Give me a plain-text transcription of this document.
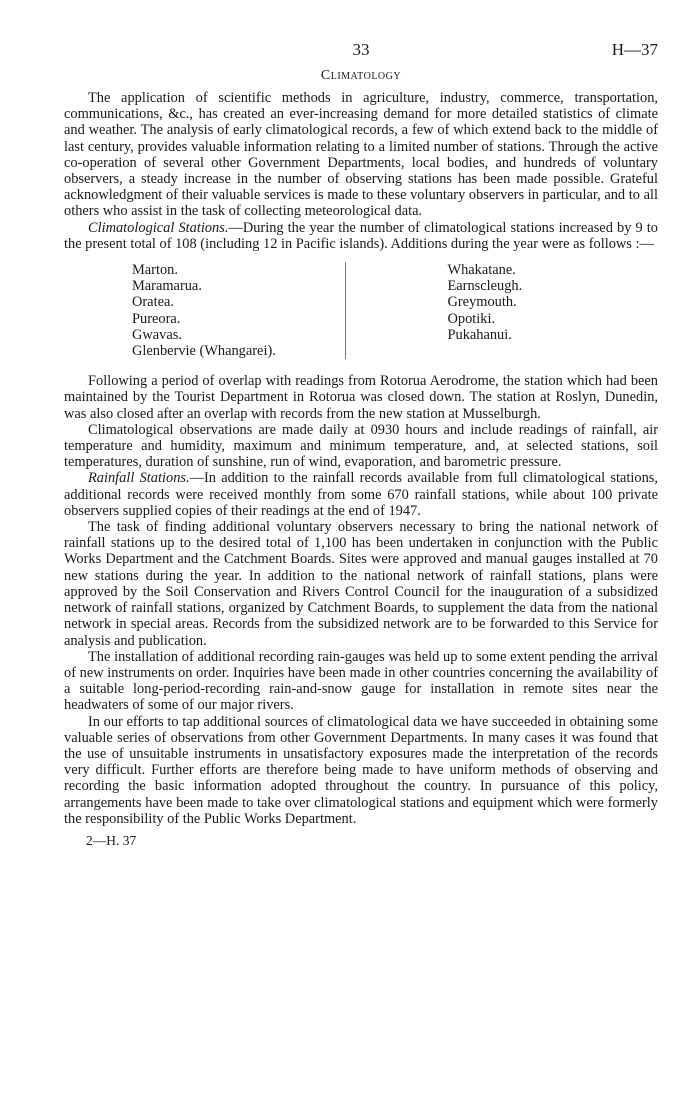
33	H—37
Climatology

The application of scientific methods in agriculture, industry, commerce, transportation, communications, &c., has created an ever-increasing demand for more detailed statistics of climate and weather. The analysis of early climatological records, a few of which extend back to the middle of last century, provides valuable information relating to a limited number of stations. Through the active co-operation of several other Government Departments, local bodies, and hundreds of voluntary observers, a steady increase in the number of observing stations has been made possible. Grateful acknowledgment of their valuable services is made to these voluntary observers in particular, and to all others who assist in the task of collecting meteorological data.

Climatological Stations.—During the year the number of climatological stations increased by 9 to the present total of 108 (including 12 in Pacific islands). Additions during the year were as follows :—

Marton.
Maramarua.
Oratea.
Pureora.
Gwavas.
Glenbervie (Whangarei).
Whakatane.
Earnscleugh.
Greymouth.
Opotiki.
Pukahanui.

Following a period of overlap with readings from Rotorua Aerodrome, the station which had been maintained by the Tourist Department in Rotorua was closed down. The station at Roslyn, Dunedin, was also closed after an overlap with records from the new station at Musselburgh.

Climatological observations are made daily at 0930 hours and include readings of rainfall, air temperature and humidity, maximum and minimum temperature, and, at selected stations, soil temperatures, duration of sunshine, run of wind, evaporation, and barometric pressure.

Rainfall Stations.—In addition to the rainfall records available from full climatological stations, additional records were received monthly from some 670 rainfall stations, while about 100 private observers supplied copies of their readings at the end of 1947.

The task of finding additional voluntary observers necessary to bring the national network of rainfall stations up to the desired total of 1,100 has been undertaken in conjunction with the Public Works Department and the Catchment Boards. Sites were approved and manual gauges installed at 70 new stations during the year. In addition to the national network of rainfall stations, plans were approved by the Soil Conservation and Rivers Control Council for the inauguration of a subsidized network of rainfall stations, organized by Catchment Boards, to supplement the data from the national network in special areas. Records from the subsidized network are to be forwarded to this Service for analysis and publication.

The installation of additional recording rain-gauges was held up to some extent pending the arrival of new instruments on order. Inquiries have been made in other countries concerning the availability of a suitable long-period-recording rain-and-snow gauge for installation in remote sites near the headwaters of some of our major rivers.

In our efforts to tap additional sources of climatological data we have succeeded in obtaining some valuable series of observations from other Government Departments. In many cases it was found that the use of unsuitable instruments in unsatisfactory exposures made the interpretation of the records very difficult. Further efforts are therefore being made to have uniform methods of observing and recording the basic information adopted throughout the country. In pursuance of this policy, arrangements have been made to take over climatological stations and equipment which were formerly the responsibility of the Public Works Department.

2—H. 37
